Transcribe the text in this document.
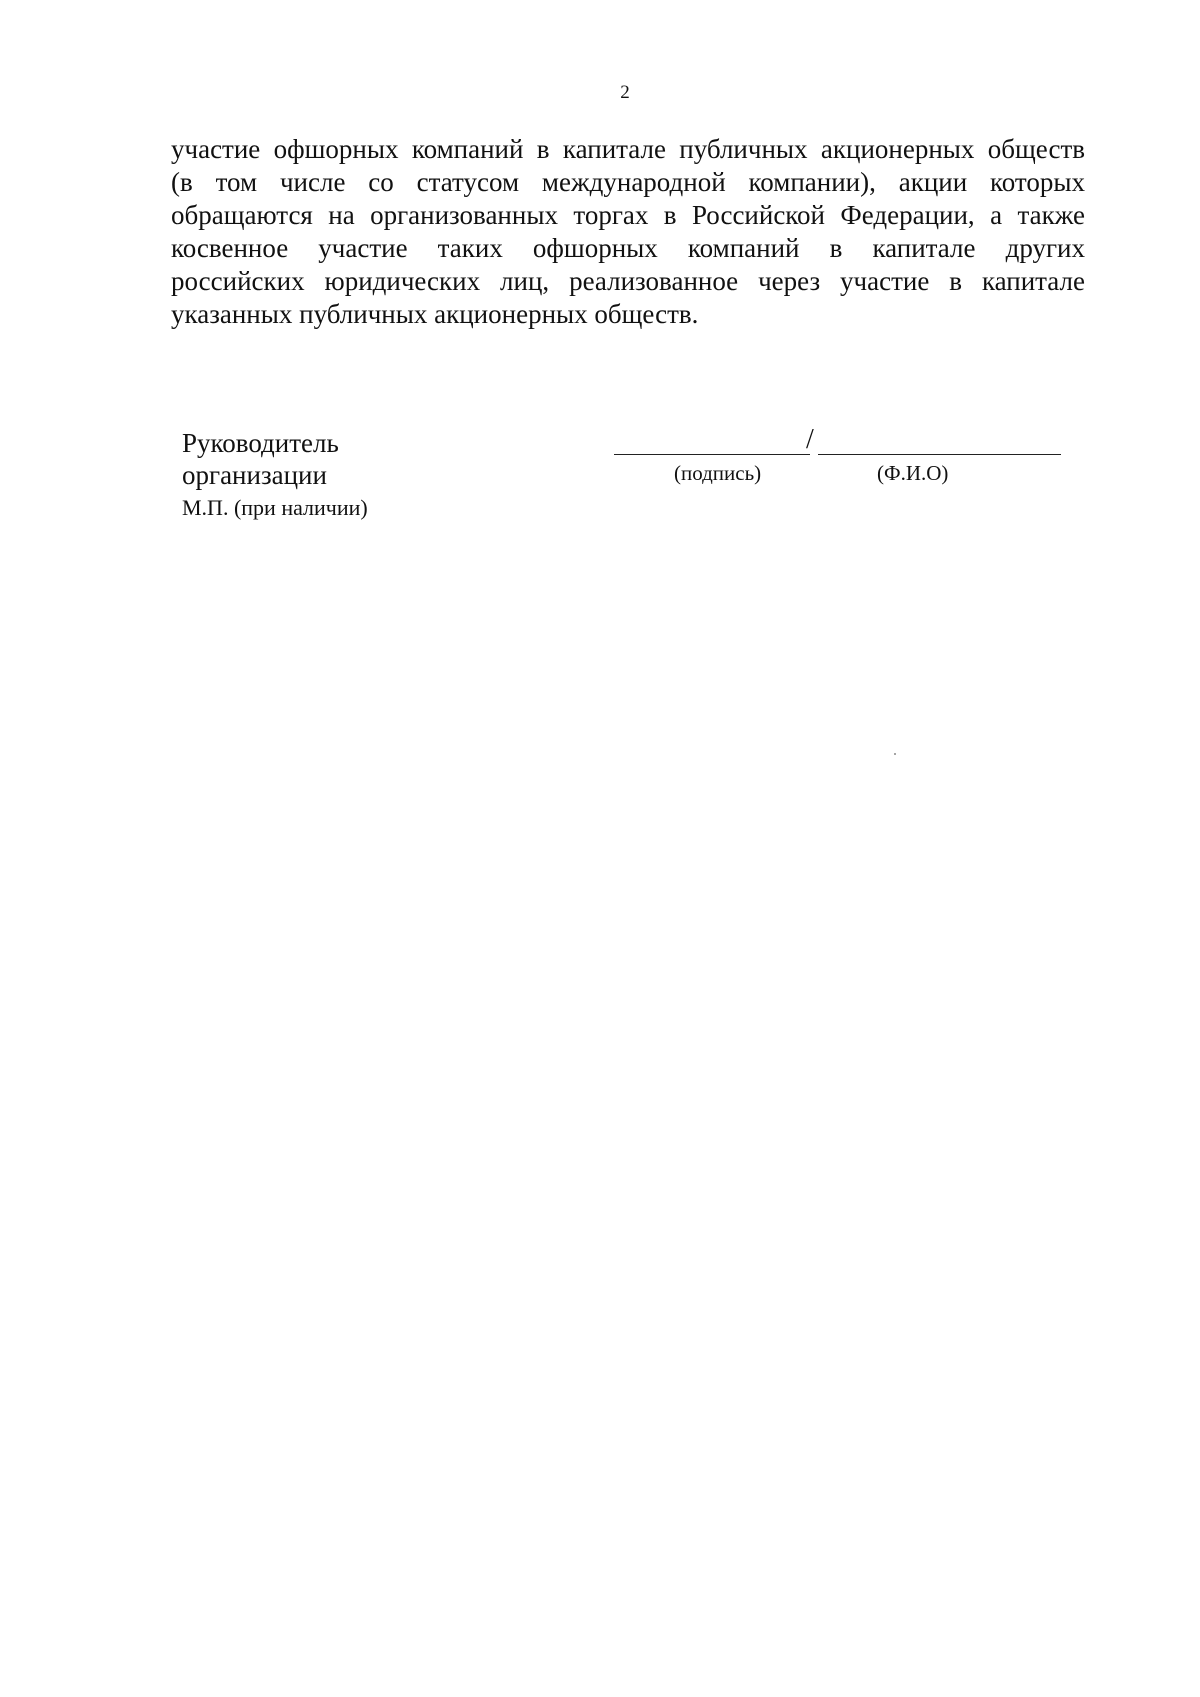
2
участие офшорных компаний в капитале публичных акционерных обществ
(в том числе со статусом международной компании), акции которых
обращаются на организованных торгах в Российской Федерации, а также
косвенное участие таких офшорных компаний в капитале других
российских юридических лиц, реализованное через участие в капитале
указанных публичных акционерных обществ.
Руководитель
организации
М.П. (при наличии)
/
(подпись)	(Ф.И.О)
